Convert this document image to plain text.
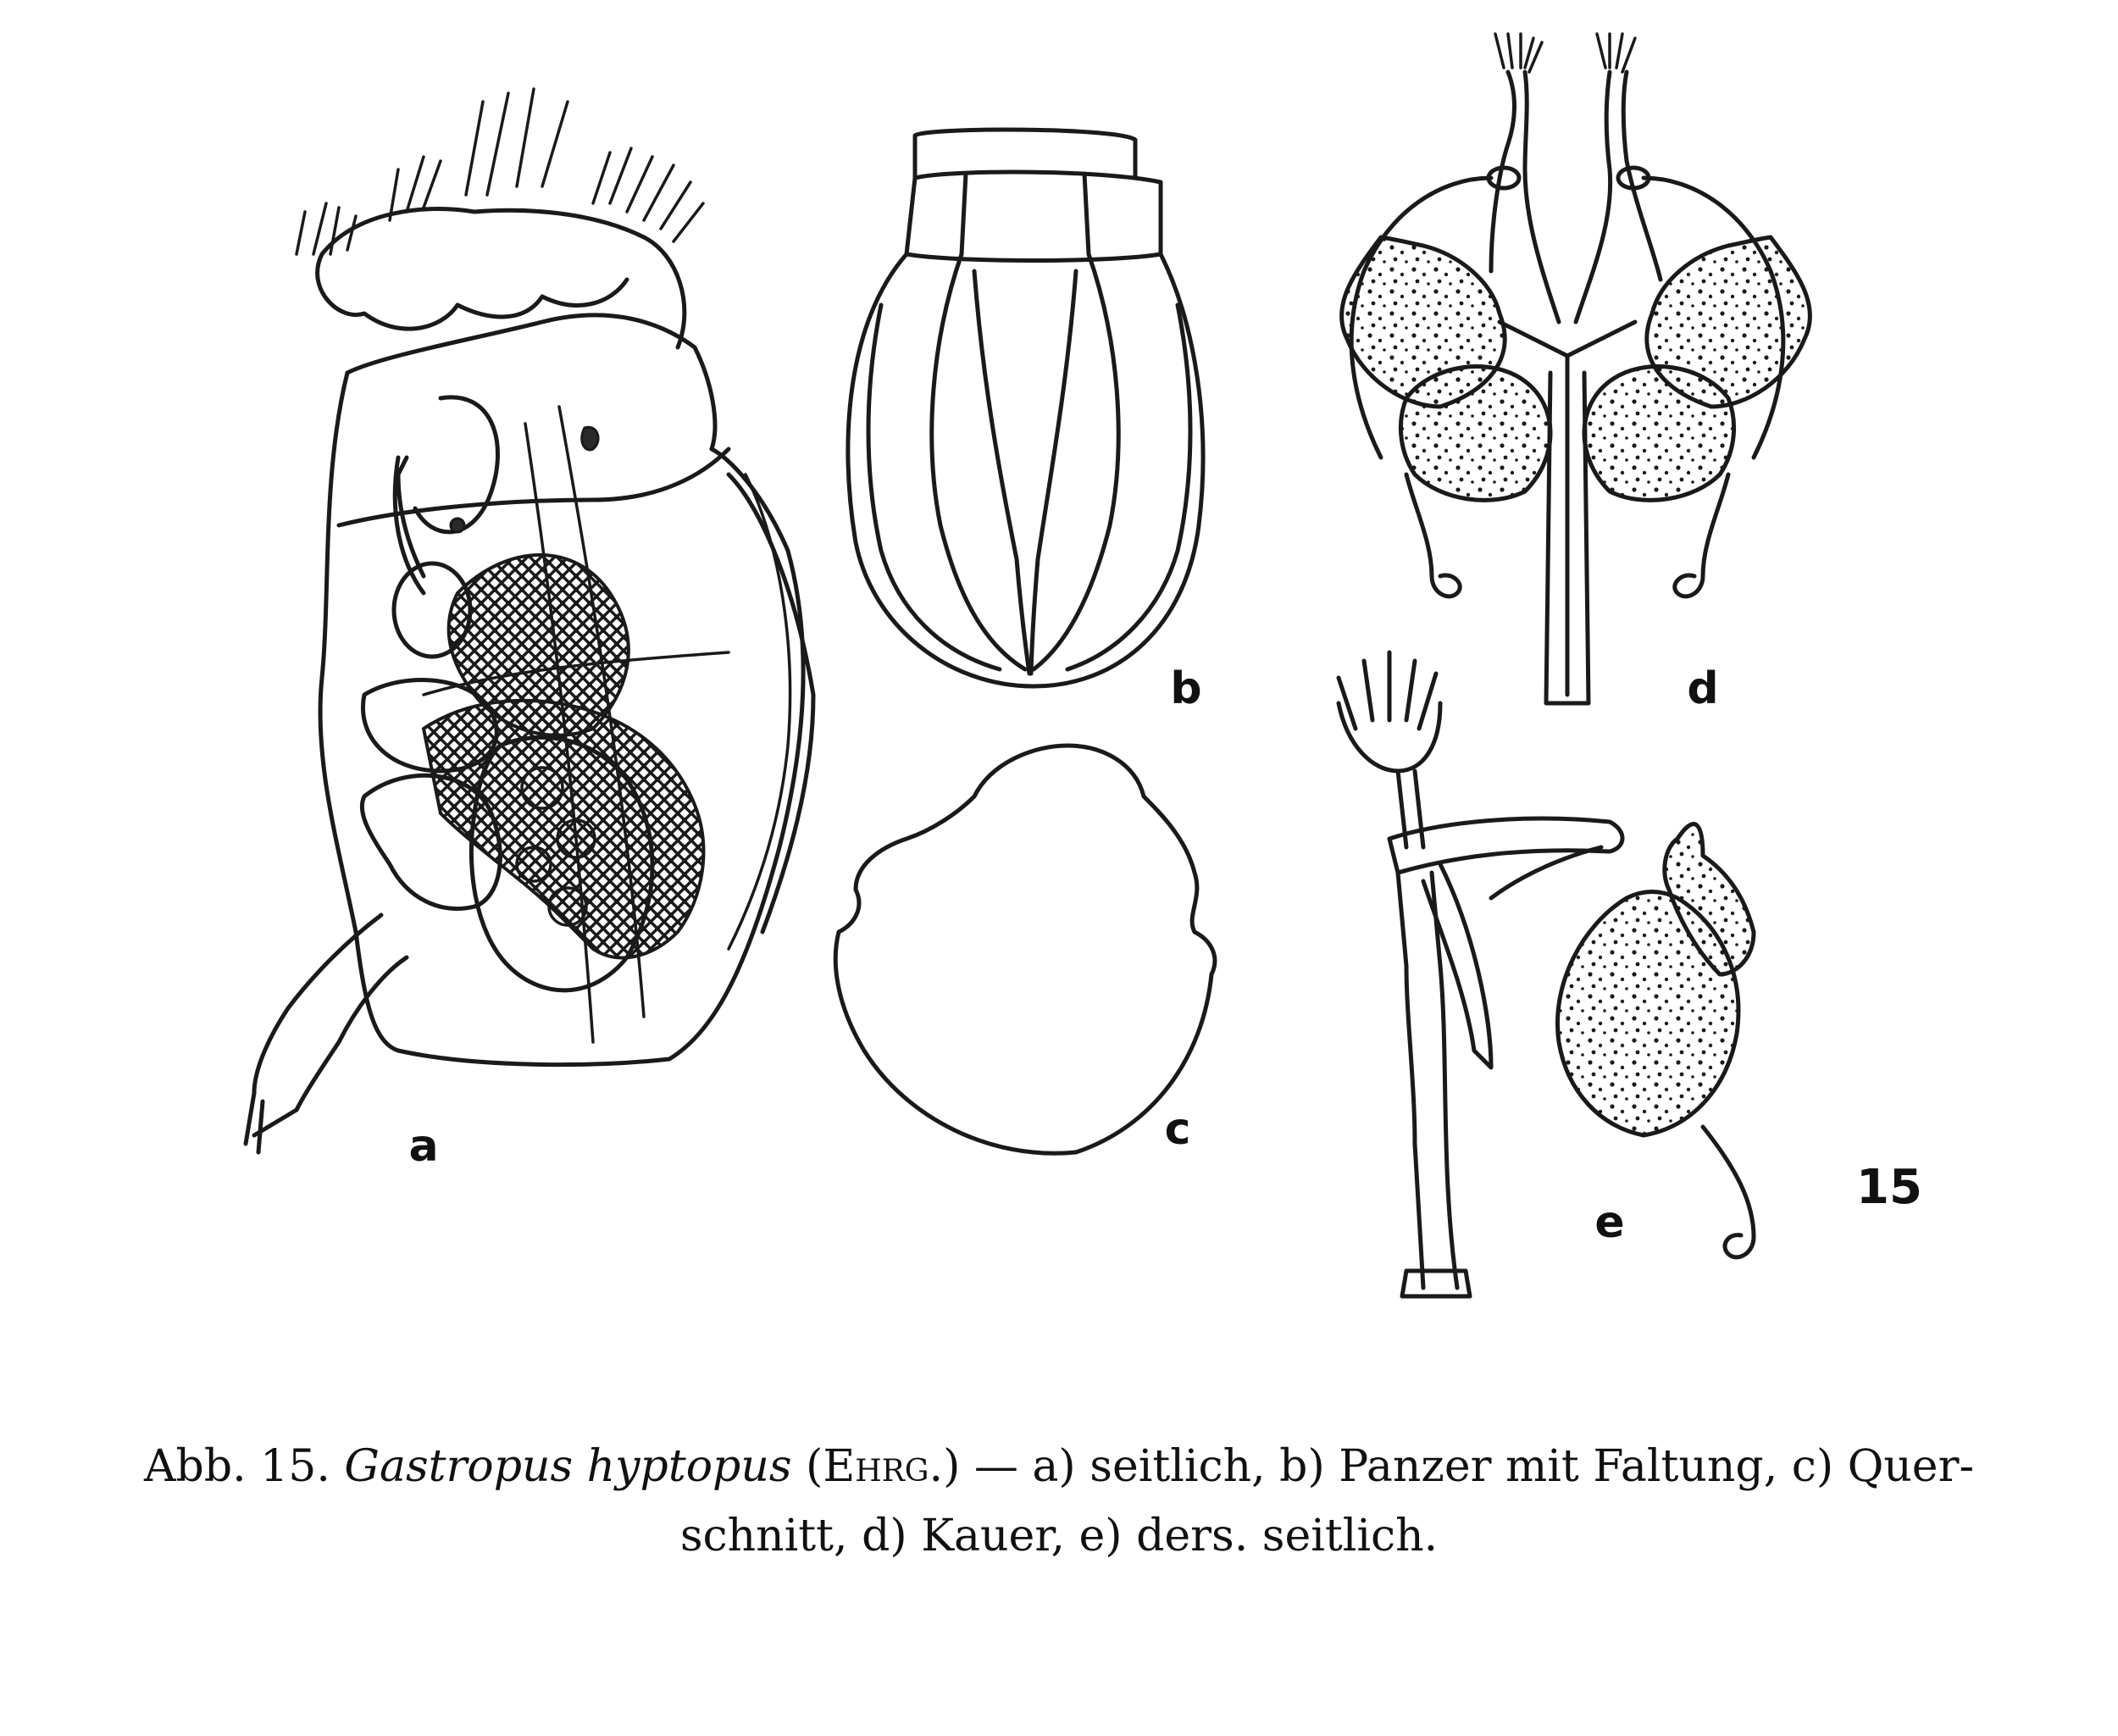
a
b
c
d
e
15
Abb. 15. Gastropus hyptopus (Ehrg.) — a) seitlich, b) Panzer mit Faltung, c) Quer-
schnitt, d) Kauer, e) ders. seitlich.
